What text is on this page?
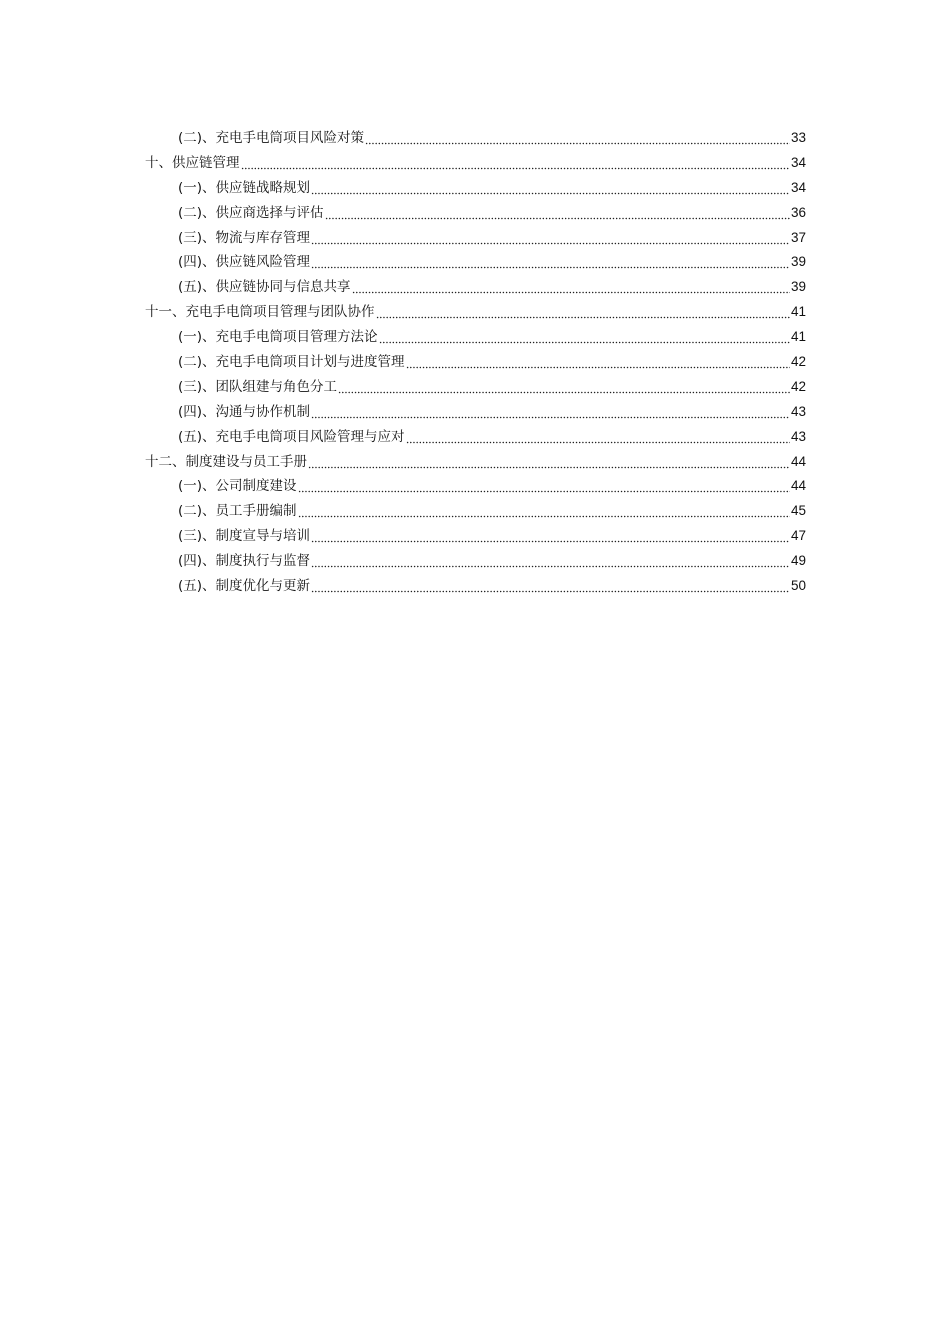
(二)、充电手电筒项目风险对策	33
十、供应链管理	34
(一)、供应链战略规划	34
(二)、供应商选择与评估	36
(三)、物流与库存管理	37
(四)、供应链风险管理	39
(五)、供应链协同与信息共享	39
十一、充电手电筒项目管理与团队协作	41
(一)、充电手电筒项目管理方法论	41
(二)、充电手电筒项目计划与进度管理	42
(三)、团队组建与角色分工	42
(四)、沟通与协作机制	43
(五)、充电手电筒项目风险管理与应对	43
十二、制度建设与员工手册	44
(一)、公司制度建设	44
(二)、员工手册编制	45
(三)、制度宣导与培训	47
(四)、制度执行与监督	49
(五)、制度优化与更新	50
